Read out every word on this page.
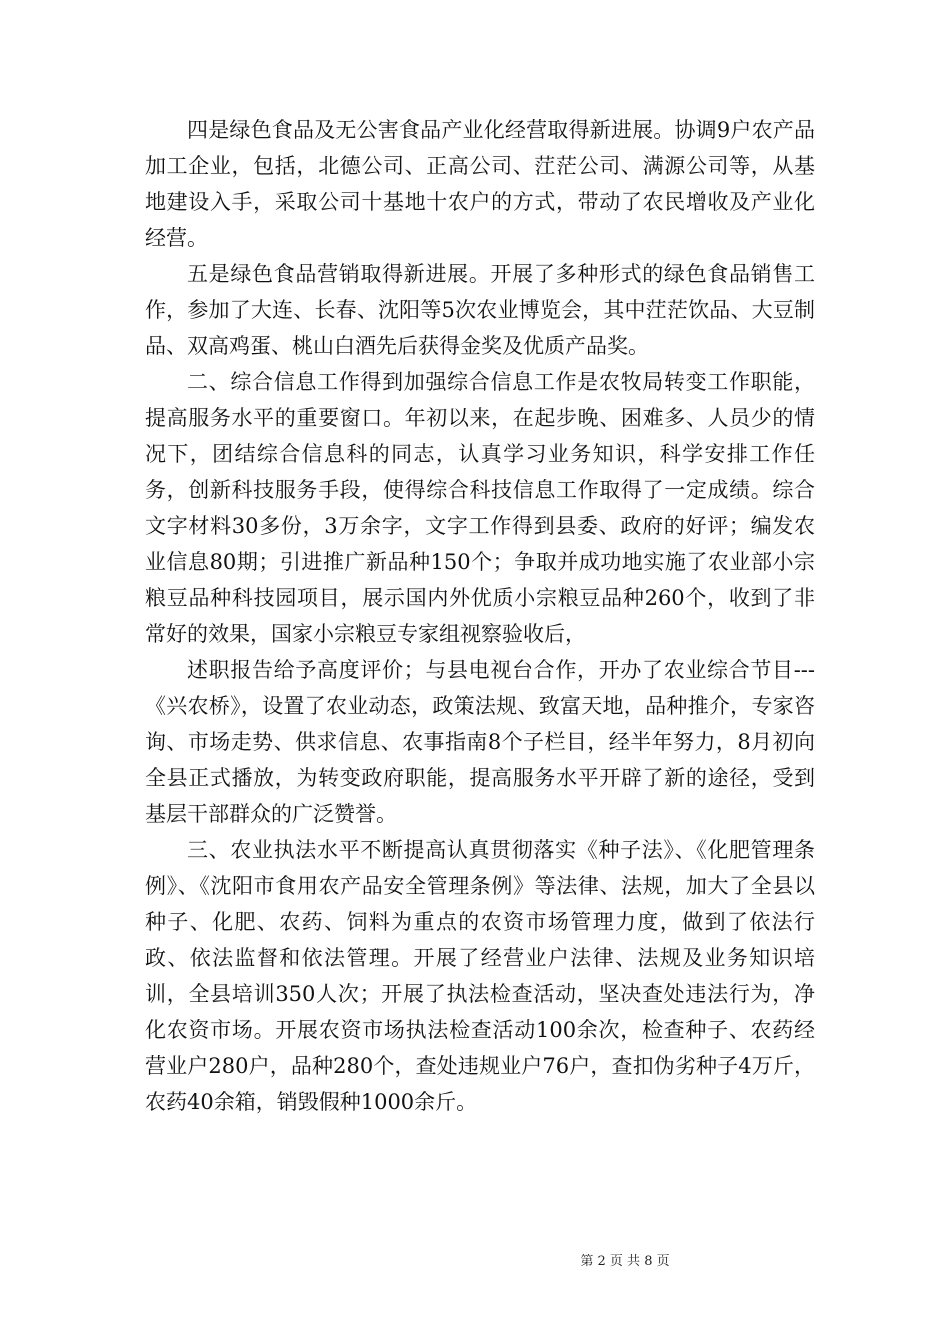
四是绿色食品及无公害食品产业化经营取得新进展。协调9户农产品加工企业，包括，北德公司、正高公司、茳茫公司、满源公司等，从基地建设入手，采取公司十基地十农户的方式，带动了农民增收及产业化经营。

五是绿色食品营销取得新进展。开展了多种形式的绿色食品销售工作，参加了大连、长春、沈阳等5次农业博览会，其中茳茫饮品、大豆制品、双高鸡蛋、桃山白酒先后获得金奖及优质产品奖。

二、综合信息工作得到加强综合信息工作是农牧局转变工作职能，提高服务水平的重要窗口。年初以来，在起步晚、困难多、人员少的情况下，团结综合信息科的同志，认真学习业务知识，科学安排工作任务，创新科技服务手段，使得综合科技信息工作取得了一定成绩。综合文字材料30多份，3万余字，文字工作得到县委、政府的好评；编发农业信息80期；引进推广新品种150个；争取并成功地实施了农业部小宗粮豆品种科技园项目，展示国内外优质小宗粮豆品种260个，收到了非常好的效果，国家小宗粮豆专家组视察验收后，

述职报告给予高度评价；与县电视台合作，开办了农业综合节目---《兴农桥》，设置了农业动态，政策法规、致富天地，品种推介，专家咨询、市场走势、供求信息、农事指南8个子栏目，经半年努力，8月初向全县正式播放，为转变政府职能，提高服务水平开辟了新的途径，受到基层干部群众的广泛赞誉。

三、农业执法水平不断提高认真贯彻落实《种子法》、《化肥管理条例》、《沈阳市食用农产品安全管理条例》等法律、法规，加大了全县以种子、化肥、农药、饲料为重点的农资市场管理力度，做到了依法行政、依法监督和依法管理。开展了经营业户法律、法规及业务知识培训，全县培训350人次；开展了执法检查活动，坚决查处违法行为，净化农资市场。开展农资市场执法检查活动100余次，检查种子、农药经营业户280户，品种280个，查处违规业户76户，查扣伪劣种子4万斤，农药40余箱，销毁假种1000余斤。

第 2 页 共 8 页
